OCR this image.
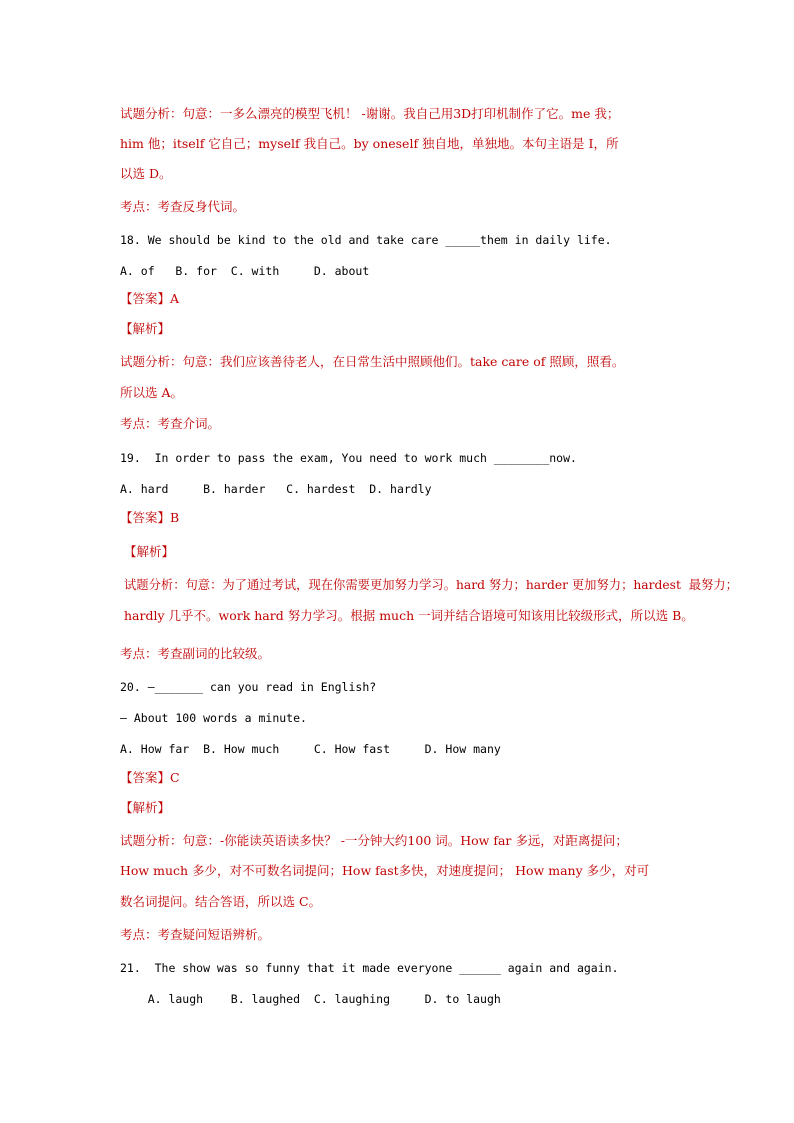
试题分析：句意：一多么漂亮的模型飞机！ -谢谢。我自己用3D打印机制作了它。me 我；
him 他；itself 它自己；myself 我自己。by oneself 独自地，单独地。本句主语是 I，所
以选 D。
考点：考查反身代词。
18. We should be kind to the old and take care _____them in daily life.
A. of   B. for  C. with     D. about
【答案】A
【解析】
试题分析：句意：我们应该善待老人，在日常生活中照顾他们。take care of 照顾，照看。
所以选 A。
考点：考查介词。
19.  In order to pass the exam, You need to work much ________now.
A. hard     B. harder   C. hardest  D. hardly
【答案】B
【解析】
试题分析：句意：为了通过考试，现在你需要更加努力学习。hard 努力；harder 更加努力；hardest  最努力；
hardly 几乎不。work hard 努力学习。根据 much 一词并结合语境可知该用比较级形式，所以选 B。
考点：考查副词的比较级。
20. —_______ can you read in English?
— About 100 words a minute.
A. How far  B. How much     C. How fast     D. How many
【答案】C
【解析】
试题分析：句意：-你能读英语读多快？ -一分钟大约100 词。How far 多远，对距离提问；
How much 多少，对不可数名词提问；How fast多快，对速度提问； How many 多少，对可
数名词提问。结合答语，所以选 C。
考点：考查疑问短语辨析。
21.  The show was so funny that it made everyone ______ again and again.
A. laugh    B. laughed  C. laughing     D. to laugh
